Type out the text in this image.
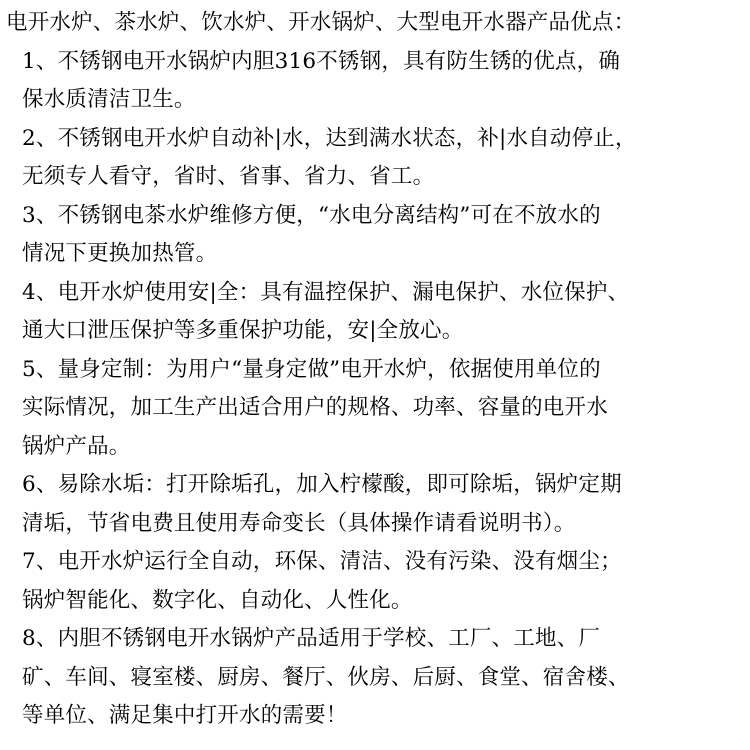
电开水炉、茶水炉、饮水炉、开水锅炉、大型电开水器产品优点：
1、不锈钢电开水锅炉内胆316不锈钢，具有防生锈的优点，确
保水质清洁卫生。
2、不锈钢电开水炉自动补|水，达到满水状态，补|水自动停止，
无须专人看守，省时、省事、省力、省工。
3、不锈钢电茶水炉维修方便，“水电分离结构”可在不放水的
情况下更换加热管。
4、电开水炉使用安|全：具有温控保护、漏电保护、水位保护、
通大口泄压保护等多重保护功能，安|全放心。
5、量身定制：为用户“量身定做”电开水炉，依据使用单位的
实际情况，加工生产出适合用户的规格、功率、容量的电开水
锅炉产品。
6、易除水垢：打开除垢孔，加入柠檬酸，即可除垢，锅炉定期
清垢，节省电费且使用寿命变长（具体操作请看说明书）。
7、电开水炉运行全自动，环保、清洁、没有污染、没有烟尘；
锅炉智能化、数字化、自动化、人性化。
8、内胆不锈钢电开水锅炉产品适用于学校、工厂、工地、厂
矿、车间、寝室楼、厨房、餐厅、伙房、后厨、食堂、宿舍楼、
等单位、满足集中打开水的需要！
